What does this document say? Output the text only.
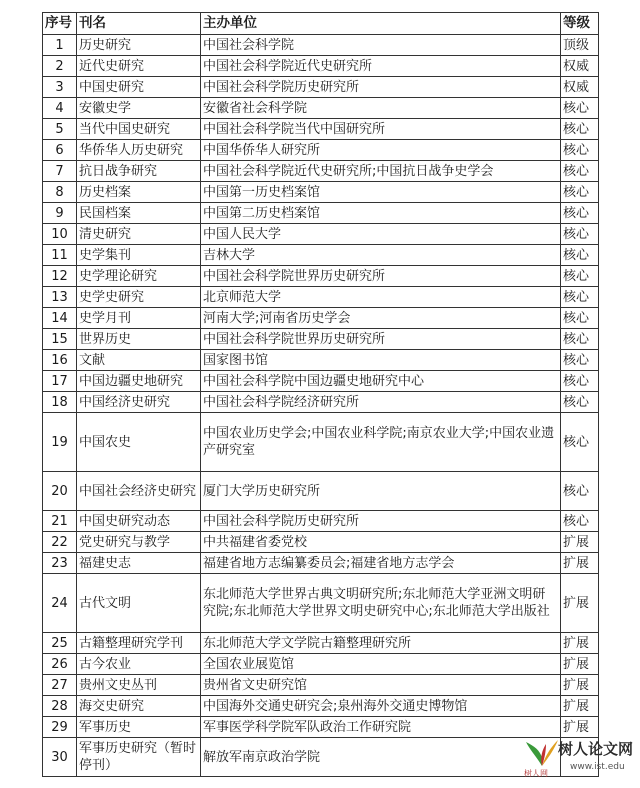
序号	刊名	主办单位	等级
1	历史研究	中国社会科学院	顶级
2	近代史研究	中国社会科学院近代史研究所	权威
3	中国史研究	中国社会科学院历史研究所	权威
4	安徽史学	安徽省社会科学院	核心
5	当代中国史研究	中国社会科学院当代中国研究所	核心
6	华侨华人历史研究	中国华侨华人研究所	核心
7	抗日战争研究	中国社会科学院近代史研究所;中国抗日战争史学会	核心
8	历史档案	中国第一历史档案馆	核心
9	民国档案	中国第二历史档案馆	核心
10	清史研究	中国人民大学	核心
11	史学集刊	吉林大学	核心
12	史学理论研究	中国社会科学院世界历史研究所	核心
13	史学史研究	北京师范大学	核心
14	史学月刊	河南大学;河南省历史学会	核心
15	世界历史	中国社会科学院世界历史研究所	核心
16	文献	国家图书馆	核心
17	中国边疆史地研究	中国社会科学院中国边疆史地研究中心	核心
18	中国经济史研究	中国社会科学院经济研究所	核心
19	中国农史	中国农业历史学会;中国农业科学院;南京农业大学;中国农业遗产研究室	核心
20	中国社会经济史研究	厦门大学历史研究所	核心
21	中国史研究动态	中国社会科学院历史研究所	核心
22	党史研究与教学	中共福建省委党校	扩展
23	福建史志	福建省地方志编纂委员会;福建省地方志学会	扩展
24	古代文明	东北师范大学世界古典文明研究所;东北师范大学亚洲文明研究院;东北师范大学世界文明史研究中心;东北师范大学出版社	扩展
25	古籍整理研究学刊	东北师范大学文学院古籍整理研究所	扩展
26	古今农业	全国农业展览馆	扩展
27	贵州文史丛刊	贵州省文史研究馆	扩展
28	海交史研究	中国海外交通史研究会;泉州海外交通史博物馆	扩展
29	军事历史	军事医学科学院军队政治工作研究院	扩展
30	军事历史研究（暂时停刊）	解放军南京政治学院		树人论文网
www.ist.edu
树人网
